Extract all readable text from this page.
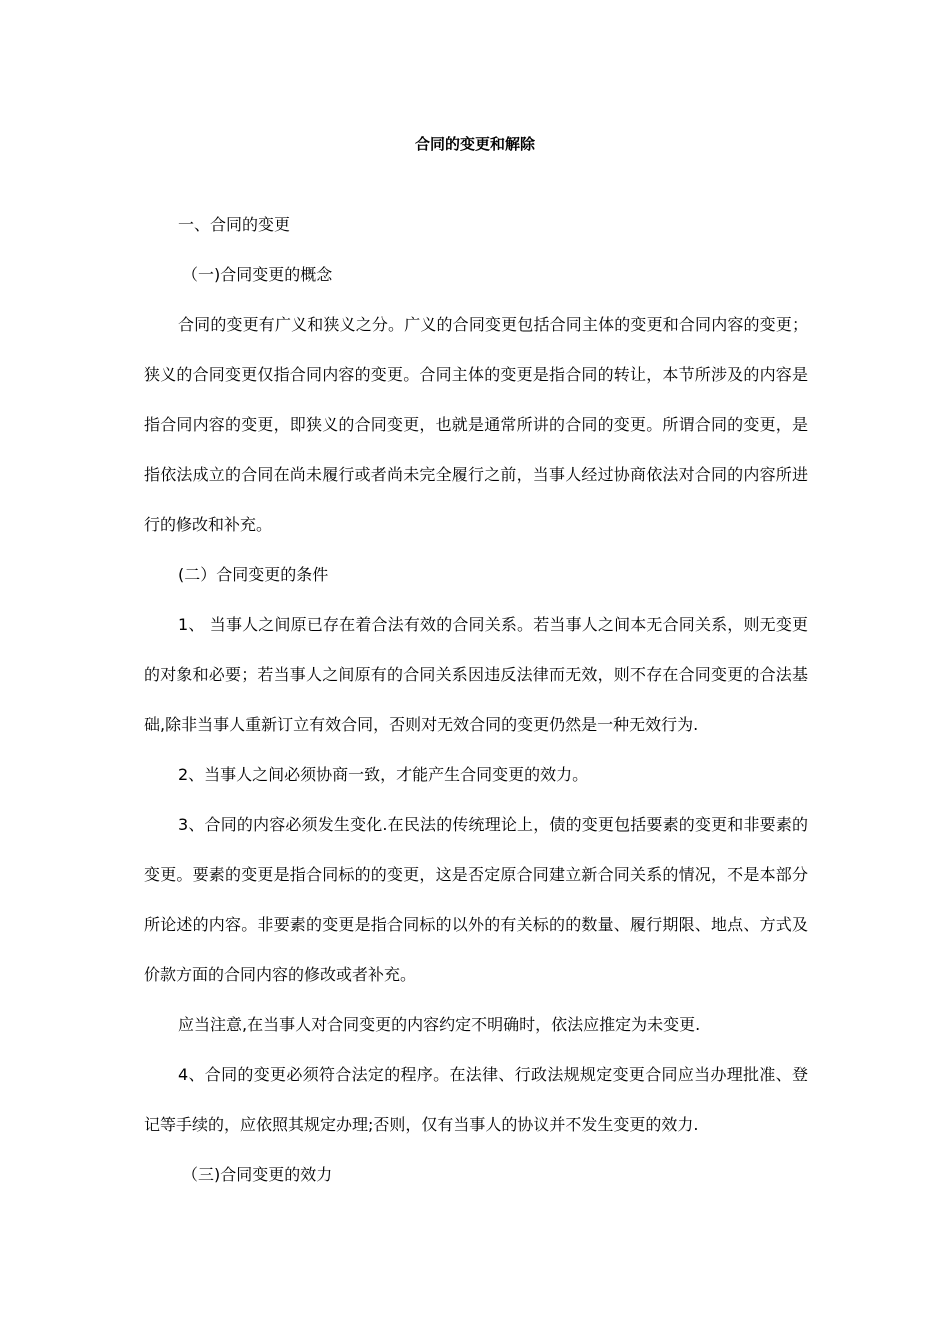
合同的变更和解除

一、合同的变更

（一)合同变更的概念

合同的变更有广义和狭义之分。广义的合同变更包括合同主体的变更和合同内容的变更；狭义的合同变更仅指合同内容的变更。合同主体的变更是指合同的转让，本节所涉及的内容是指合同内容的变更，即狭义的合同变更，也就是通常所讲的合同的变更。所谓合同的变更，是指依法成立的合同在尚未履行或者尚未完全履行之前，当事人经过协商依法对合同的内容所进行的修改和补充。

(二）合同变更的条件

1、 当事人之间原已存在着合法有效的合同关系。若当事人之间本无合同关系，则无变更的对象和必要；若当事人之间原有的合同关系因违反法律而无效，则不存在合同变更的合法基础,除非当事人重新订立有效合同，否则对无效合同的变更仍然是一种无效行为.

2、当事人之间必须协商一致，才能产生合同变更的效力。

3、合同的内容必须发生变化.在民法的传统理论上，债的变更包括要素的变更和非要素的变更。要素的变更是指合同标的的变更，这是否定原合同建立新合同关系的情况，不是本部分所论述的内容。非要素的变更是指合同标的以外的有关标的的数量、履行期限、地点、方式及价款方面的合同内容的修改或者补充。

应当注意,在当事人对合同变更的内容约定不明确时，依法应推定为未变更.

4、合同的变更必须符合法定的程序。在法律、行政法规规定变更合同应当办理批准、登记等手续的，应依照其规定办理;否则，仅有当事人的协议并不发生变更的效力.

（三)合同变更的效力
